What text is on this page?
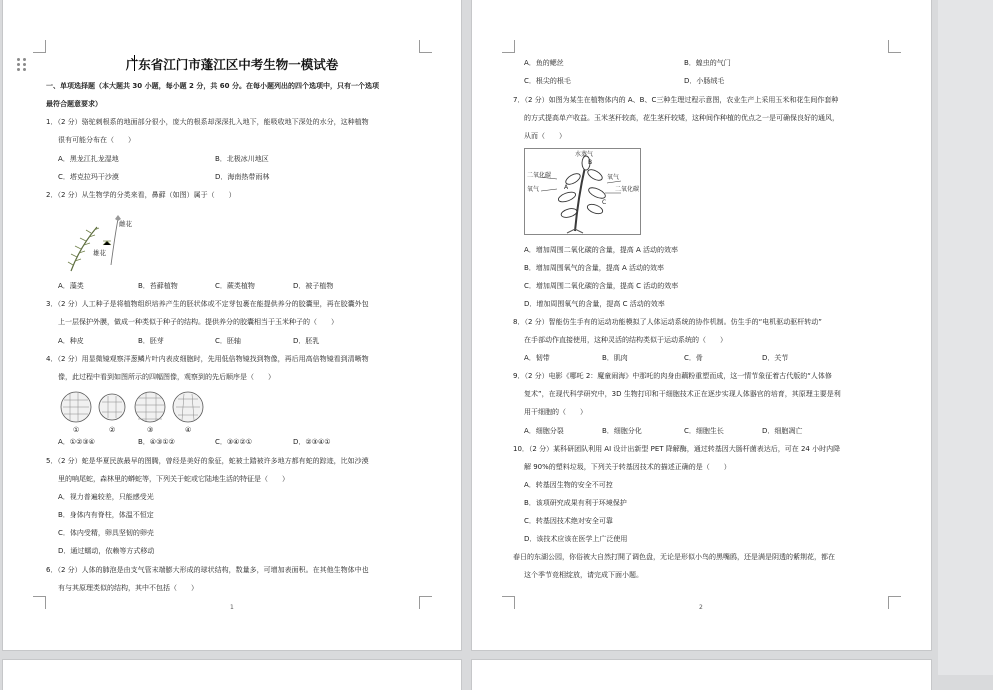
广东省江门市蓬江区中考生物一模试卷
一、单项选择题（本大题共 30 小题，每小题 2 分，共 60 分。在每小题列出的四个选项中，只有一个选项
最符合题意要求）
1．（2 分）骆驼刺根系的地面部分很小，庞大的根系却深深扎入地下，能吸收地下深处的水分，这种植物
很有可能分布在（　　）
A．黑龙江扎龙湿地	B．北极冰川地区
C．塔克拉玛干沙漠	D．海南热带雨林
2．（2 分）从生物学的分类来看，鼻藓（如图）属于（　　）
雌花
雄花
A．藻类	B．苔藓植物	C．蕨类植物	D．被子植物
3．（2 分）人工种子是将植物组织培养产生的胚状体或不定芽包裹在能提供养分的胶囊里，再在胶囊外包
上一层保护外膜，做成一种类似于种子的结构。提供养分的胶囊相当于玉米种子的（　　）
A．种皮	B．胚芽	C．胚轴	D．胚乳
4．（2 分）用显微镜观察洋葱鳞片叶内表皮细胞时，先用低倍物镜找到物像，再后用高倍物镜看到清晰物
像，此过程中看到如图所示的四幅图像，观察到的先后顺序是（　　）
①	②	③	④
A．①②③④	B．④③①②	C．③④②①	D．②③④①
5．（2 分）蛇是华夏民族最早的图腾，曾经是美好的象征，蛇被土踏被许多地方都有蛇的踪迹，比如沙漠
里的响尾蛇，森林里的蟒蛇等，下列关于蛇或它陆地生活的特征是（　　）
A．视力普遍较差，只能感受光
B．身体内有脊柱，体温不恒定
C．体内受精，卵具坚韧的卵壳
D．通过蠕动，依赖等方式移动
6．（2 分）人体的肺泡是由支气管末端膨大形成的球状结构，数量多，可增加表面积。在其他生物体中也
有与其原理类似的结构，其中不包括（　　）
1
A．鱼的鳃丝	B．蝗虫的气门
C．根尖的根毛	D．小肠绒毛
7．（2 分）如图为某生在植物体内的 A、B、C三种生理过程示意图，农业生产上采用玉米和花生间作套种
的方式提高单产收益。玉米茎秆较高，花生茎秆较矮，这种间作种植的优点之一是可确保良好的通风，
从而（　　）
水蒸气
二氧化碳
氧气
氧气
二氧化碳
B
A
C
A．增加周围二氧化碳的含量，提高 A 活动的效率
B．增加周围氧气的含量，提高 A 活动的效率
C．增加周围二氧化碳的含量，提高 C 活动的效率
D．增加周围氧气的含量，提高 C 活动的效率
8．（2 分）智能仿生手有的运动功能模拟了人体运动系统的协作机制。仿生手的“电机驱动驱杆转动”
在手部动作直接使用，这种灵活的结构类似于运动系统的（　　）
A．韧带	B．肌肉	C．骨	D．关节
9．（2 分）电影《哪吒 2：魔童闹海》中那吒的肉身由藕粉重塑而成，这一情节象征着古代版的“人体修
复术”，在现代科学研究中，3D 生物打印和干细胞技术正在逐步实现人体器官的培育，其原理主要是利
用干细胞的（　　）
A．细胞分裂	B．细胞分化	C．细胞生长	D．细胞凋亡
10．（2 分）某科研团队利用 AI 设计出新型 PET 降解酶，通过转基因大肠杆菌表达后，可在 24 小时内降
解 90%的塑料垃圾，下列关于转基因技术的描述正确的是（　　）
A．转基因生物的安全不可控
B．该项研究成果有利于环境保护
C．转基因技术绝对安全可靠
D．该技术应该在医学上广泛使用
春日的东湖公园，你俗被大自然打開了调色盘，无论是形似小鸟的黑嘴鸥，还是满是阴透的紫荆花，都在
这个季节竞相绽放，请完成下面小题。
2
